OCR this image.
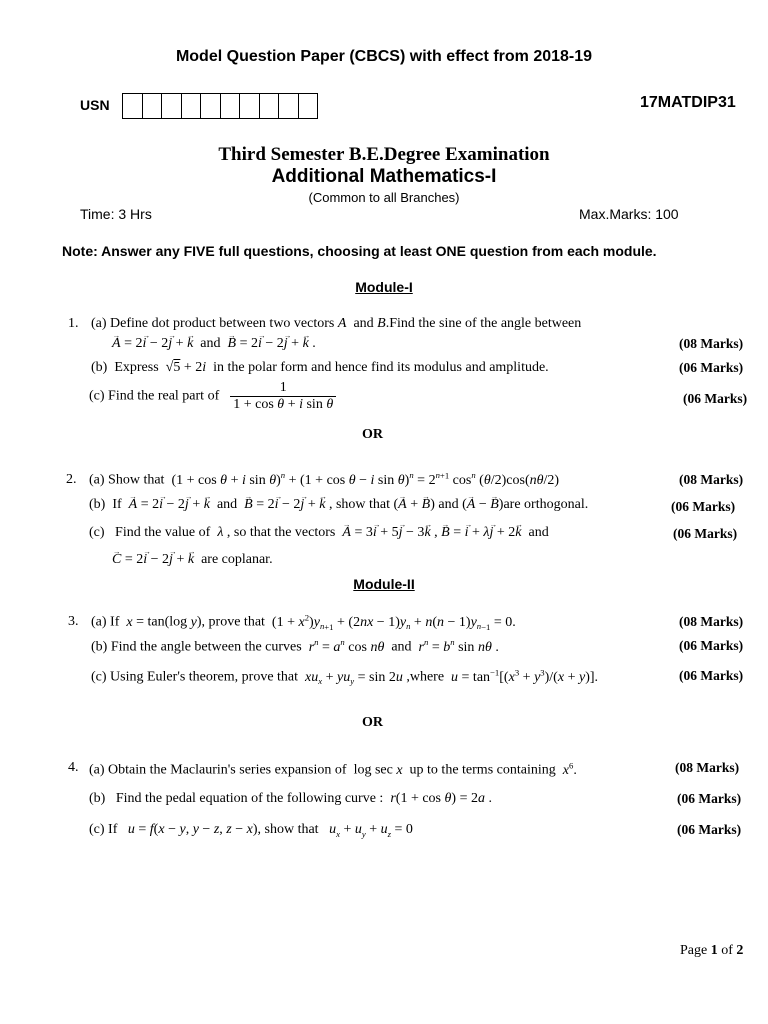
Model Question Paper (CBCS) with effect from 2018-19
USN	17MATDIP31
Third Semester B.E.Degree Examination
Additional Mathematics-I
(Common to all Branches)
Time: 3 Hrs	Max.Marks: 100
Note: Answer any FIVE full questions, choosing at least ONE question from each module.
Module-I
1. (a) Define dot product between two vectors A and B.Find the sine of the angle between
→ A = 2→ i − 2→ j + → k  and  → B = 2→ i − 2→ j + → k .	(08 Marks)
(b) Express √5 + 2i in the polar form and hence find its modulus and amplitude.	(06 Marks)
(c) Find the real part of $\frac{1}{\text{1 + cos θ + i sin θ}}$	(06 Marks)
OR
2. (a) Show that (1 + cos θ + i sin θ)$^n$ + (1 + cos θ − i $\sin \theta)^n = 2^{n+1}$ $\cos^n (\theta/2)\cos(n\theta/2)$	(08 Marks)
(b) If → A = 2→ i − 2→ j + → k and → B = 2→ i − 2→ j + → k , show that (→ A + → B) and (→ A − → B)are orthogonal.	(06 Marks)
(c) Find the value of λ , so that the vectors → A = 3→ i + 5→ j − 3→ k , → B = → i + λ→ j + 2→ k and	(06 Marks)
→ C = 2→ i − 2→ j + → k are coplanar.
Module-II
3. (a) If x = tan(log y), prove that $(1 + x^2)y_{n+1} + (2nx - 1)y_n + n(n - 1)y_{n-1} = 0$.	(08 Marks)
(b) Find the angle between the curves $r^n = a^n$ cos nθ and $r^n = b^n$ sin nθ .	(06 Marks)
(c) Using Euler's theorem, prove that $xu_x + yu_y = \sin 2u$ ,where $u = \tan^{-1}[(x^3 + y^3)/(x + y)]$.	(06 Marks)
OR
4. (a) Obtain the Maclaurin's series expansion of log sec x up to the terms containing $x^6$.	(08 Marks)
(b) Find the pedal equation of the following curve : r(1 + cos θ) = 2a .	(06 Marks)
(c) If u = f(x − y, y − z, z − x), show that $u_x + u_y + u_z = 0$	(06 Marks)
Page 1 of 2
